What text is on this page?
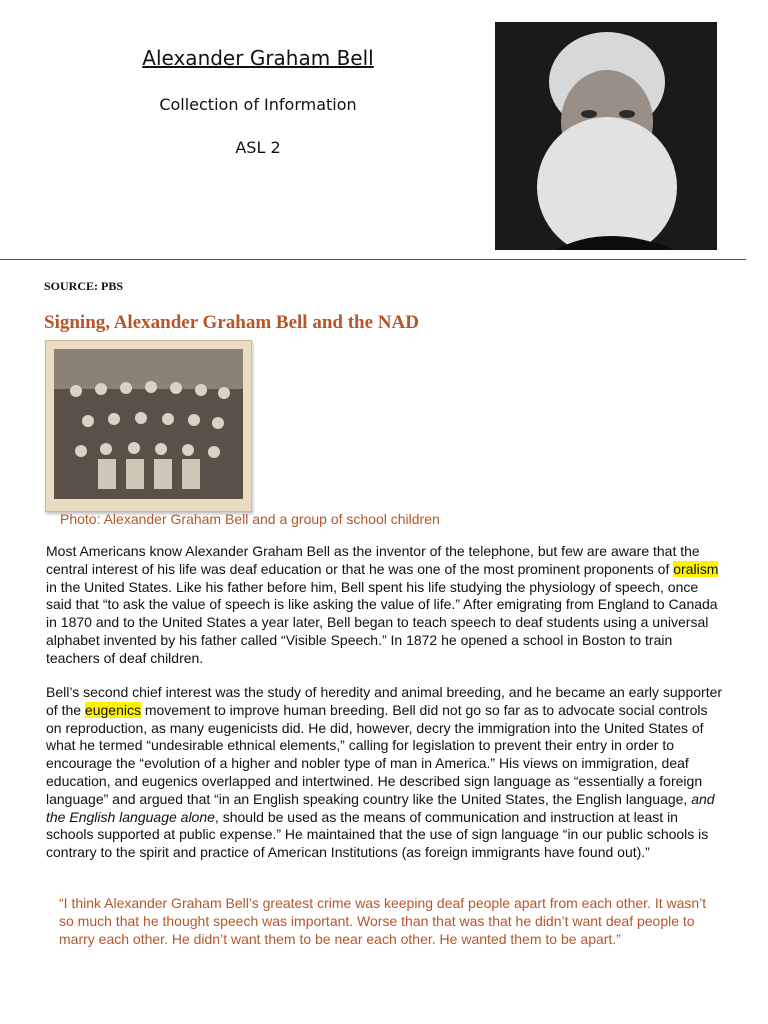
Alexander Graham Bell
Collection of Information
ASL 2
SOURCE: PBS
Signing, Alexander Graham Bell and the NAD
Photo: Alexander Graham Bell and a group of school children
Most Americans know Alexander Graham Bell as the inventor of the telephone, but few are aware that the central interest of his life was deaf education or that he was one of the most prominent proponents of oralism in the United States. Like his father before him, Bell spent his life studying the physiology of speech, once said that “to ask the value of speech is like asking the value of life.” After emigrating from England to Canada in 1870 and to the United States a year later, Bell began to teach speech to deaf students using a universal alphabet invented by his father called “Visible Speech.” In 1872 he opened a school in Boston to train teachers of deaf children.
Bell’s second chief interest was the study of heredity and animal breeding, and he became an early supporter of the eugenics movement to improve human breeding. Bell did not go so far as to advocate social controls on reproduction, as many eugenicists did. He did, however, decry the immigration into the United States of what he termed “undesirable ethnical elements,” calling for legislation to prevent their entry in order to encourage the “evolution of a higher and nobler type of man in America.” His views on immigration, deaf education, and eugenics overlapped and intertwined. He described sign language as “essentially a foreign language” and argued that “in an English speaking country like the United States, the English language, and the English language alone, should be used as the means of communication and instruction at least in schools supported at public expense.” He maintained that the use of sign language “in our public schools is contrary to the spirit and practice of American Institutions (as foreign immigrants have found out).”
“I think Alexander Graham Bell’s greatest crime was keeping deaf people apart from each other. It wasn’t so much that he thought speech was important. Worse than that was that he didn’t want deaf people to marry each other. He didn’t want them to be near each other. He wanted them to be apart.”
